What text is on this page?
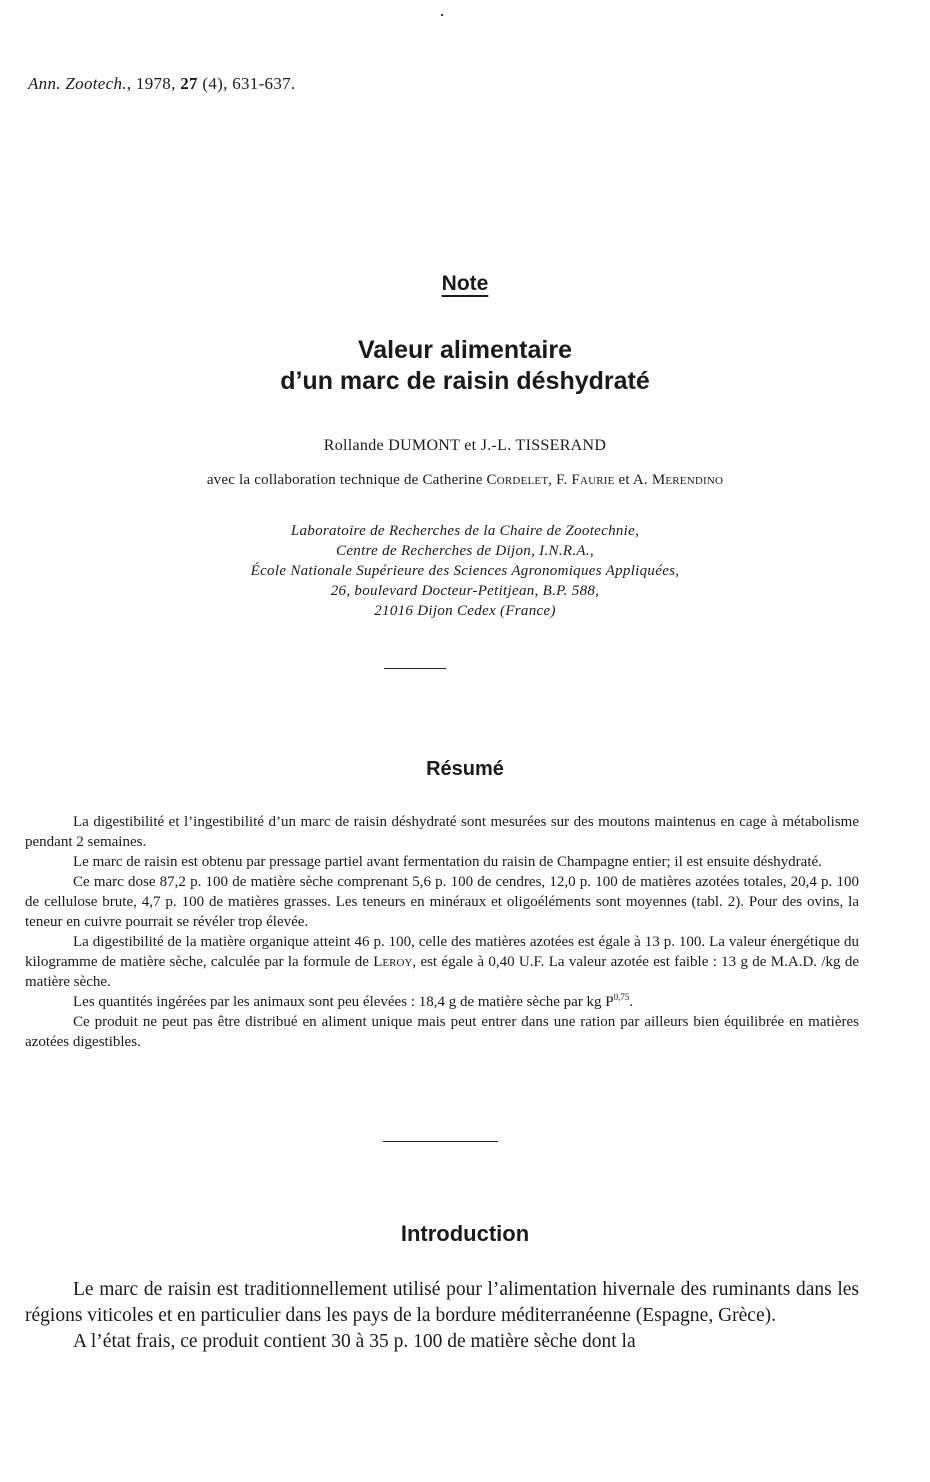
Ann. Zootech., 1978, 27 (4), 631-637.
Note
Valeur alimentaire
d’un marc de raisin déshydraté
Rollande DUMONT et J.-L. TISSERAND
avec la collaboration technique de Catherine Cordelet, F. Faurie et A. Merendino
Laboratoire de Recherches de la Chaire de Zootechnie,
Centre de Recherches de Dijon, I.N.R.A.,
École Nationale Supérieure des Sciences Agronomiques Appliquées,
26, boulevard Docteur-Petitjean, B.P. 588,
21016 Dijon Cedex (France)
Résumé

La digestibilité et l’ingestibilité d’un marc de raisin déshydraté sont mesurées sur des moutons maintenus en cage à métabolisme pendant 2 semaines.

Le marc de raisin est obtenu par pressage partiel avant fermentation du raisin de Champagne entier; il est ensuite déshydraté.

Ce marc dose 87,2 p. 100 de matière sèche comprenant 5,6 p. 100 de cendres, 12,0 p. 100 de matières azotées totales, 20,4 p. 100 de cellulose brute, 4,7 p. 100 de matières grasses. Les teneurs en minéraux et oligoéléments sont moyennes (tabl. 2). Pour des ovins, la teneur en cuivre pourrait se révéler trop élevée.

La digestibilité de la matière organique atteint 46 p. 100, celle des matières azotées est égale à 13 p. 100. La valeur énergétique du kilogramme de matière sèche, calculée par la formule de Leroy, est égale à 0,40 U.F. La valeur azotée est faible : 13 g de M.A.D. /kg de matière sèche.

Les quantités ingérées par les animaux sont peu élevées : 18,4 g de matière sèche par kg P$^{0,75}$.

Ce produit ne peut pas être distribué en aliment unique mais peut entrer dans une ration par ailleurs bien équilibrée en matières azotées digestibles.

Introduction

Le marc de raisin est traditionnellement utilisé pour l’alimentation hivernale des ruminants dans les régions viticoles et en particulier dans les pays de la bordure méditerranéenne (Espagne, Grèce).

A l’état frais, ce produit contient 30 à 35 p. 100 de matière sèche dont la
